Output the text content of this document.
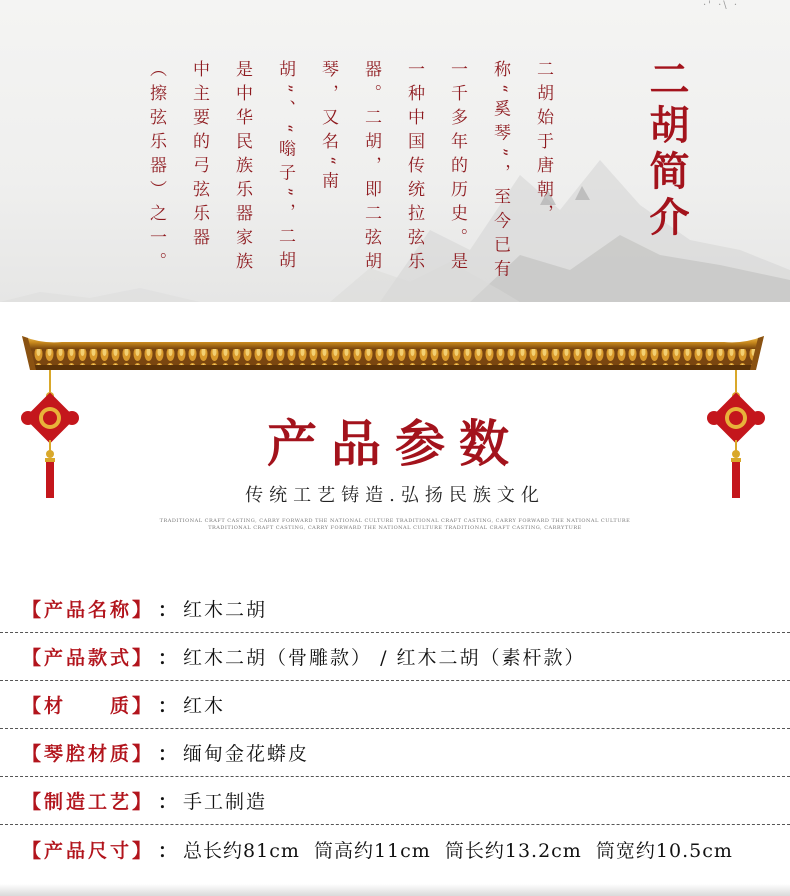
·' ·\ ·
二胡简介
二胡始于唐朝，称“奚琴”，至今已有一千多年的历史。是一种中国传统拉弦乐器。二胡，即二弦胡琴，又名“南胡”、“嗡子”，二胡是中华民族乐器家族中主要的弓弦乐器（擦弦乐器）之一。
产品参数
传统工艺铸造.弘扬民族文化
TRADITIONAL CRAFT CASTING, CARRY FORWARD THE NATIONAL CULTURE TRADITIONAL CRAFT CASTING, CARRY FORWARD THE NATIONAL CULTURE
TRADITIONAL CRAFT CASTING, CARRY FORWARD THE NATIONAL CULTURE TRADITIONAL CRAFT CASTING, CARRYTURE
【产品名称】 ： 红木二胡
【产品款式】 ： 红木二胡（骨雕款） / 红木二胡（素杆款）
【材　　质】 ： 红木
【琴腔材质】 ： 缅甸金花蟒皮
【制造工艺】 ： 手工制造
【产品尺寸】 ： 总长约81cm  筒高约11cm  筒长约13.2cm  筒宽约10.5cm
